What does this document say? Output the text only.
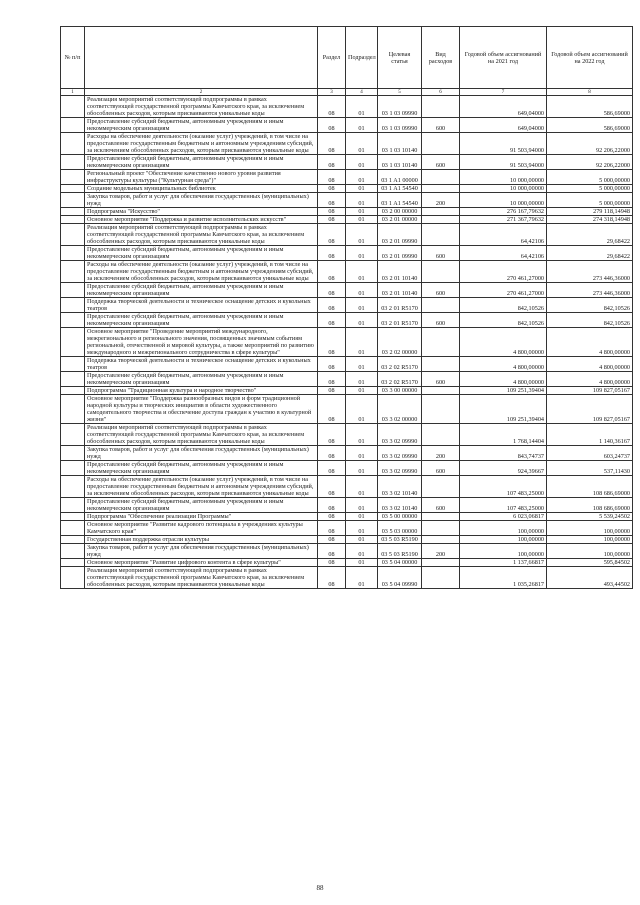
№ п/п		Раздел	Подраздел	Целевая статья	Вид расходов	Годовой объем ассигнований на 2021 год	Годовой объем ассигнований на 2022 год
1	2	3	4	5	6	7	8
	Реализация мероприятий соответствующей подпрограммы в рамках соответствующей государственной программы Камчатского края, за исключением обособленных расходов, которым присваиваются уникальные коды	08	01	03 1 03 09990		649,04000	586,69000
	Предоставление субсидий бюджетным, автономным учреждениям и иным некоммерческим организациям	08	01	03 1 03 09990	600	649,04000	586,69000
	Расходы на обеспечение деятельности (оказание услуг) учреждений, в том числе на предоставление государственным бюджетным и автономным учреждениям субсидий, за исключением обособленных расходов, которым присваиваются уникальные коды	08	01	03 1 03 10140		91 503,94000	92 206,22000
	Предоставление субсидий бюджетным, автономным учреждениям и иным некоммерческим организациям	08	01	03 1 03 10140	600	91 503,94000	92 206,22000
	Региональный проект "Обеспечение качественно нового уровня развития инфраструктуры культуры ("Культурная среда")"	08	01	03 1 A1 00000		10 000,00000	5 000,00000
	Создание модельных муниципальных библиотек	08	01	03 1 A1 54540		10 000,00000	5 000,00000
	Закупка товаров, работ и услуг для обеспечения государственных (муниципальных) нужд	08	01	03 1 A1 54540	200	10 000,00000	5 000,00000
	Подпрограмма "Искусство"	08	01	03 2 00 00000		276 167,79632	279 118,14948
	Основное мероприятие "Поддержка и развитие исполнительских искусств"	08	01	03 2 01 00000		271 367,79632	274 318,14948
	Реализация мероприятий соответствующей подпрограммы в рамках соответствующей государственной программы Камчатского края, за исключением обособленных расходов, которым присваиваются уникальные коды	08	01	03 2 01 09990		64,42106	29,68422
	Предоставление субсидий бюджетным, автономным учреждениям и иным некоммерческим организациям	08	01	03 2 01 09990	600	64,42106	29,68422
	Расходы на обеспечение деятельности (оказание услуг) учреждений, в том числе на предоставление государственным бюджетным и автономным учреждениям субсидий, за исключением обособленных расходов, которым присваиваются уникальные коды	08	01	03 2 01 10140		270 461,27000	273 446,36000
	Предоставление субсидий бюджетным, автономным учреждениям и иным некоммерческим организациям	08	01	03 2 01 10140	600	270 461,27000	273 446,36000
	Поддержка творческой деятельности и техническое оснащение детских и кукольных театров	08	01	03 2 01 R5170		842,10526	842,10526
	Предоставление субсидий бюджетным, автономным учреждениям и иным некоммерческим организациям	08	01	03 2 01 R5170	600	842,10526	842,10526
	Основное мероприятие "Проведение мероприятий международного, межрегионального и регионального значения, посвященных значимым событиям региональной, отечественной и мировой культуры, а также мероприятий по развитию международного и межрегионального сотрудничества в сфере культуры"	08	01	03 2 02 00000		4 800,00000	4 800,00000
	Поддержка творческой деятельности и техническое оснащение детских и кукольных театров	08	01	03 2 02 R5170		4 800,00000	4 800,00000
	Предоставление субсидий бюджетным, автономным учреждениям и иным некоммерческим организациям	08	01	03 2 02 R5170	600	4 800,00000	4 800,00000
	Подпрограмма "Традиционная культура и народное творчество"	08	01	03 3 00 00000		109 251,39404	109 827,05167
	Основное мероприятие "Поддержка разнообразных видов и форм традиционной народной культуры и творческих инициатив в области художественного самодеятельного творчества и обеспечение доступа граждан к участию в культурной жизни"	08	01	03 3 02 00000		109 251,39404	109 827,05167
	Реализация мероприятий соответствующей подпрограммы в рамках соответствующей государственной программы Камчатского края, за исключением обособленных расходов, которым присваиваются уникальные коды	08	01	03 3 02 09990		1 768,14404	1 140,36167
	Закупка товаров, работ и услуг для обеспечения государственных (муниципальных) нужд	08	01	03 3 02 09990	200	843,74737	603,24737
	Предоставление субсидий бюджетным, автономным учреждениям и иным некоммерческим организациям	08	01	03 3 02 09990	600	924,39667	537,11430
	Расходы на обеспечение деятельности (оказание услуг) учреждений, в том числе на предоставление государственным бюджетным и автономным учреждениям субсидий, за исключением обособленных расходов, которым присваиваются уникальные коды	08	01	03 3 02 10140		107 483,25000	108 686,69000
	Предоставление субсидий бюджетным, автономным учреждениям и иным некоммерческим организациям	08	01	03 3 02 10140	600	107 483,25000	108 686,69000
	Подпрограмма "Обеспечение реализации Программы"	08	01	03 5 00 00000		6 023,06817	5 539,24502
	Основное мероприятие "Развитие кадрового потенциала в учреждениях культуры Камчатского края"	08	01	03 5 03 00000		100,00000	100,00000
	Государственная поддержка отрасли культуры	08	01	03 5 03 R5190		100,00000	100,00000
	Закупка товаров, работ и услуг для обеспечения государственных (муниципальных) нужд	08	01	03 5 03 R5190	200	100,00000	100,00000
	Основное мероприятие "Развитие цифрового контента в сфере культуры"	08	01	03 5 04 00000		1 137,66817	595,84502
	Реализация мероприятий соответствующей подпрограммы в рамках соответствующей государственной программы Камчатского края, за исключением обособленных расходов, которым присваиваются уникальные коды	08	01	03 5 04 09990		1 035,26817	493,44502
88
